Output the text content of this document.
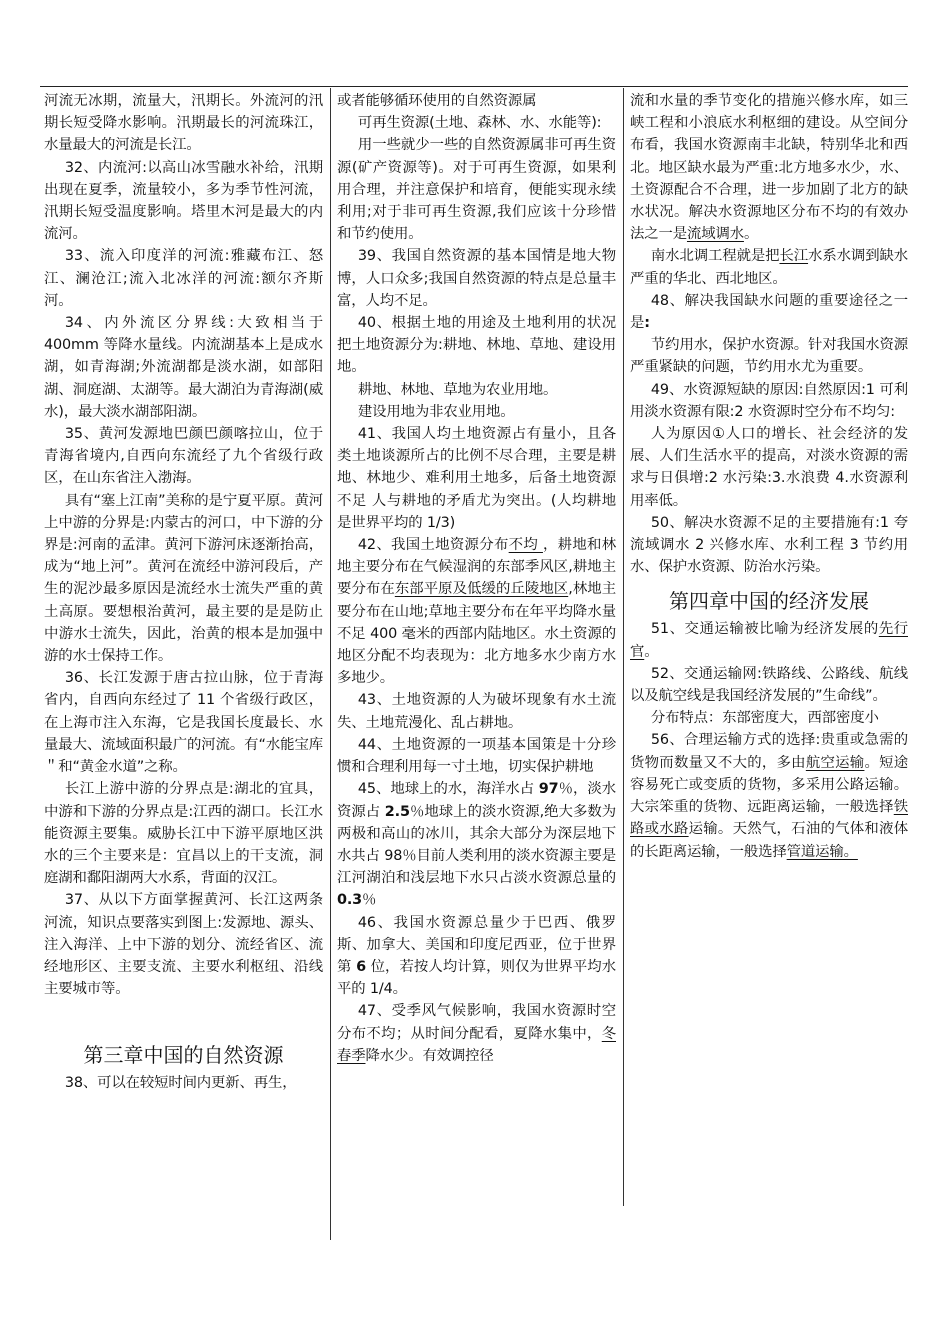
河流无冰期，流量大，汛期长。外流河的汛期长短受降水影响。汛期最长的河流珠江，水量最大的河流是长江。

32、内流河:以高山冰雪融水补给，汛期出现在夏季，流量较小，多为季节性河流，汛期长短受温度影响。塔里木河是最大的内流河。

33、流入印度洋的河流:雅藏布江、怒江、澜沧江;流入北冰洋的河流:额尔齐斯河。

34、内外流区分界线:大致相当于400mm 等降水量线。内流湖基本上是成水湖，如青海湖;外流湖都是淡水湖，如部阳湖、洞庭湖、太湖等。最大湖泊为青海湖(威水)，最大淡水湖部阳湖。

35、黄河发源地巴颜巴颜喀拉山，位于青海省境内,自西向东流经了九个省级行政区，在山东省注入渤海。

具有“塞上江南”美称的是宁夏平原。黄河上中游的分界是:内蒙古的河口，中下游的分界是:河南的孟津。黄河下游河床逐渐抬高，成为“地上河”。黄河在流经中游河段后，产生的泥沙最多原因是流经水士流失严重的黄土高原。要想根治黄河，最主要的是是防止中游水士流失，因此，治黄的根本是加强中游的水士保持工作。

36、长江发源于唐古拉山脉，位于青海省内，自西向东经过了 11 个省级行政区，在上海市注入东海，它是我国长度最长、水量最大、流域面积最广的河流。有“水能宝库＂和“黄金水道”之称。

长江上游中游的分界点是:湖北的宜具，中游和下游的分界点是:江西的湖口。长江水能资源主要集。威胁长江中下游平原地区洪水的三个主要来是：宜昌以上的干支流，洞庭湖和鄱阳湖两大水系，背面的汉江。

37、从以下方面掌握黄河、长江这两条河流，知识点要落实到图上:发源地、源头、注入海洋、上中下游的划分、流经省区、流经地形区、主要支流、主要水利枢纽、沿线主要城市等。

第三章中国的自然资源

38、可以在较短时间内更新、再生，

或者能够循环使用的自然资源属

可再生资源(土地、森林、水、水能等):

用一些就少一些的自然资源属非可再生资源(矿产资源等)。对于可再生资源，如果利用合理，并注意保护和培育，便能实现永续利用;对于非可再生资源,我们应该十分珍惜和节约使用。

39、我国自然资源的基本国情是地大物博，人口众多;我国自然资源的特点是总量丰富，人均不足。

40、根据土地的用途及土地利用的状况把土地资源分为:耕地、林地、草地、建设用地。

耕地、林地、草地为农业用地。

建设用地为非农业用地。

41、我国人均土地资源占有量小，且各类土地谈源所占的比例不尽合理，主要是耕地、林地少、难利用土地多，后备土地资源不足 人与耕地的矛盾尤为突出。(人均耕地是世界平均的 1/3)

42、我国土地资源分布不均 ，耕地和林地主要分布在气候湿润的东部季风区,耕地主要分布在东部平原及低缓的丘陵地区,林地主要分布在山地;草地主要分布在年平均降水量不足 400 毫米的西部内陆地区。水土资源的地区分配不均表现为：北方地多水少南方水多地少。

43、土地资源的人为破坏现象有水土流失、土地荒漫化、乱占耕地。

44、土地资源的一项基本国策是十分珍惯和合理利用每一寸土地，切实保护耕地

45、地球上的水，海洋水占 97％，淡水资源占 2.5％地球上的淡水资源,绝大多数为两极和高山的冰川，其余大部分为深层地下水共占 98％目前人类利用的淡水资源主要是江河湖泊和浅层地下水只占淡水资源总量的 0.3％

46、我国水资源总量少于巴西、俄罗斯、加拿大、美国和印度尼西亚，位于世界第 6 位，若按人均计算，则仅为世界平均水平的 1/4。

47、受季风气候影响，我国水资源时空分布不均；从时间分配看，夏降水集中，冬春季降水少。有效调控径

流和水量的季节变化的措施兴修水库，如三峡工程和小浪底水利枢细的建设。从空间分布看，我国水资源南丰北缺，特别华北和西北。地区缺水最为严重:北方地多水少，水、土资源配合不合理，进一步加剧了北方的缺水状况。解决水资源地区分布不均的有效办法之一是流域调水。

南水北调工程就是把长江水系水调到缺水严重的华北、西北地区。

48、解决我国缺水问题的重要途径之一是:

节约用水，保护水资源。针对我国水资源严重紧缺的问题，节约用水尤为重要。

49、水资源短缺的原因:自然原因:1 可利用淡水资源有限:2 水资源时空分布不均匀:

人为原因①人口的增长、社会经济的发展、人们生活水平的提高，对淡水资源的需求与日俱增:2 水污染:3.水浪费 4.水资源利用率低。

50、解决水资源不足的主要措施有:1 夸流域调水 2 兴修水库、水利工程 3 节约用水、保护水资源、防治水污染。

第四章中国的经济发展

51、交通运输被比喻为经济发展的先行官。

52、交通运输网:铁路线、公路线、航线以及航空线是我国经济发展的”生命线”。

分布特点：东部密度大，西部密度小

56、合理运输方式的选择:贵重或急需的货物而数量又不大的，多由航空运输。短途容易死亡或变质的货物，多采用公路运输。大宗笨重的货物、远距离运输，一般选择铁路或水路运输。天然气，石油的气体和液体的长距离运输，一般选择管道运输。
